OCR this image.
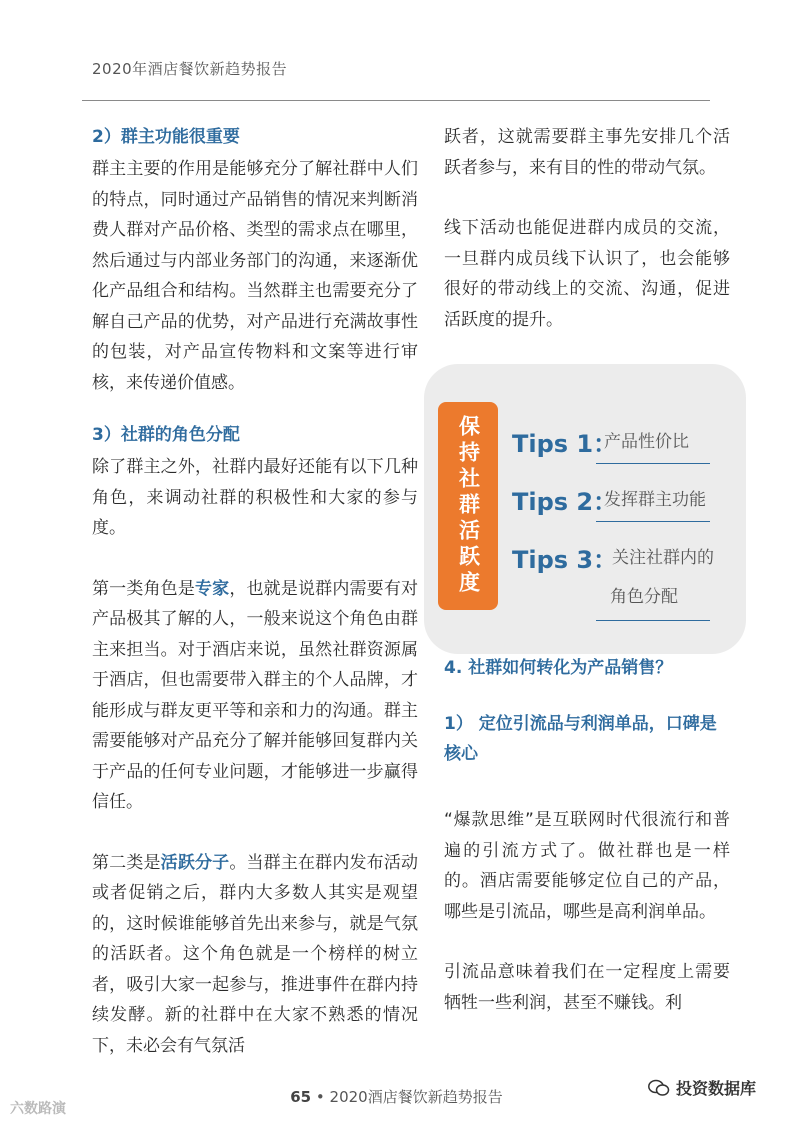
2020年酒店餐饮新趋势报告
2）群主功能很重要

群主主要的作用是能够充分了解社群中人们的特点，同时通过产品销售的情况来判断消费人群对产品价格、类型的需求点在哪里，然后通过与内部业务部门的沟通，来逐渐优化产品组合和结构。当然群主也需要充分了解自己产品的优势，对产品进行充满故事性的包装，对产品宣传物料和文案等进行审核，来传递价值感。

3）社群的角色分配

除了群主之外，社群内最好还能有以下几种角色，来调动社群的积极性和大家的参与度。

第一类角色是专家，也就是说群内需要有对产品极其了解的人，一般来说这个角色由群主来担当。对于酒店来说，虽然社群资源属于酒店，但也需要带入群主的个人品牌，才能形成与群友更平等和亲和力的沟通。群主需要能够对产品充分了解并能够回复群内关于产品的任何专业问题，才能够进一步赢得信任。

第二类是活跃分子。当群主在群内发布活动或者促销之后，群内大多数人其实是观望的，这时候谁能够首先出来参与，就是气氛的活跃者。这个角色就是一个榜样的树立者，吸引大家一起参与，推进事件在群内持续发酵。新的社群中在大家不熟悉的情况下，未必会有气氛活

跃者，这就需要群主事先安排几个活跃者参与，来有目的性的带动气氛。

线下活动也能促进群内成员的交流，一旦群内成员线下认识了，也会能够很好的带动线上的交流、沟通，促进活跃度的提升。

4. 社群如何转化为产品销售？
1） 定位引流品与利润单品，口碑是核心

“爆款思维”是互联网时代很流行和普遍的引流方式了。做社群也是一样的。酒店需要能够定位自己的产品，哪些是引流品，哪些是高利润单品。

引流品意味着我们在一定程度上需要牺牲一些利润，甚至不赚钱。利

保持社群活跃度 Tips 1：
产品性价比
Tips 2：
发挥群主功能
Tips 3：
关注社群内的
角色分配
65 • 2020酒店餐饮新趋势报告
六数路演
投资数据库
